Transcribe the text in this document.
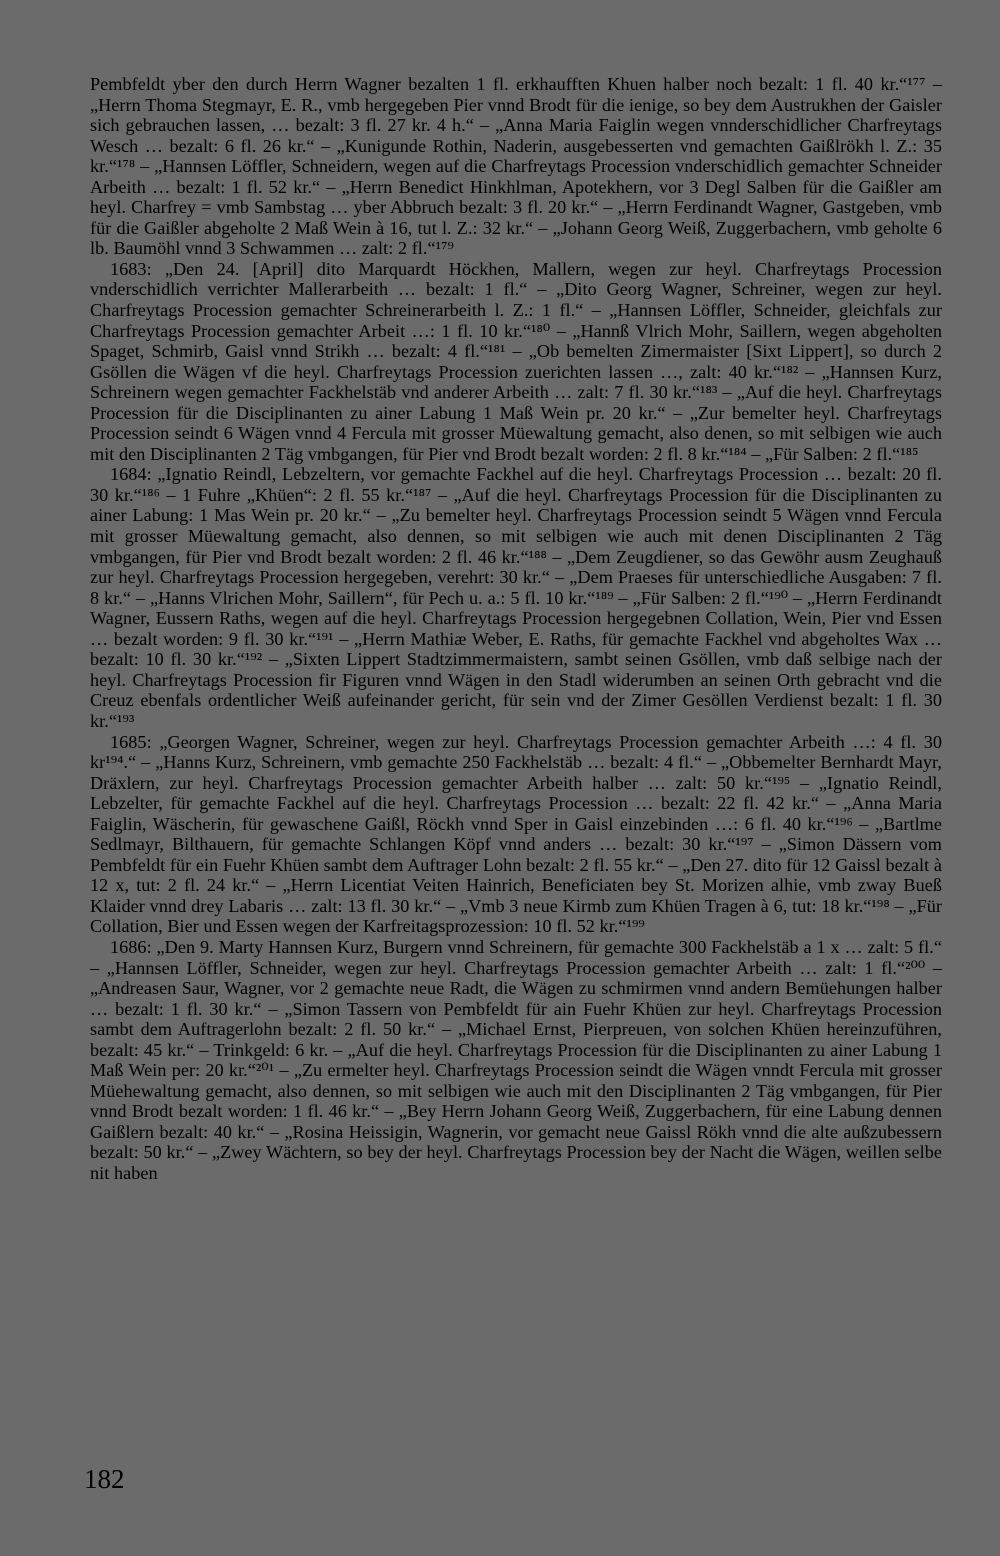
Pembfeldt yber den durch Herrn Wagner bezalten 1 fl. erkhaufften Khuen halber noch bezalt: 1 fl. 40 kr.“¹⁷⁷ – „Herrn Thoma Stegmayr, E. R., vmb hergegeben Pier vnnd Brodt für die ienige, so bey dem Austrukhen der Gaisler sich gebrauchen lassen, … bezalt: 3 fl. 27 kr. 4 h.“ – „Anna Maria Faiglin wegen vnnderschidlicher Charfreytags Wesch … bezalt: 6 fl. 26 kr.“ – „Kunigunde Rothin, Naderin, ausgebesserten vnd gemachten Gaißlrökh l. Z.: 35 kr.“¹⁷⁸ – „Hannsen Löffler, Schneidern, wegen auf die Charfreytags Procession vnderschidlich gemachter Schneider Arbeith … bezalt: 1 fl. 52 kr.“ – „Herrn Benedict Hinkhlman, Apotekhern, vor 3 Degl Salben für die Gaißler am heyl. Charfrey = vmb Sambstag … yber Abbruch bezalt: 3 fl. 20 kr.“ – „Herrn Ferdinandt Wagner, Gastgeben, vmb für die Gaißler abgeholte 2 Maß Wein à 16, tut l. Z.: 32 kr.“ – „Johann Georg Weiß, Zuggerbachern, vmb geholte 6 lb. Baumöhl vnnd 3 Schwammen … zalt: 2 fl.“¹⁷⁹

1683: „Den 24. [April] dito Marquardt Höckhen, Mallern, wegen zur heyl. Charfreytags Procession vnderschidlich verrichter Mallerarbeith … bezalt: 1 fl.“ – „Dito Georg Wagner, Schreiner, wegen zur heyl. Charfreytags Procession gemachter Schreinerarbeith l. Z.: 1 fl.“ – „Hannsen Löffler, Schneider, gleichfals zur Charfreytags Procession gemachter Arbeit …: 1 fl. 10 kr.“¹⁸⁰ – „Hannß Vlrich Mohr, Saillern, wegen abgeholten Spaget, Schmirb, Gaisl vnnd Strikh … bezalt: 4 fl.“¹⁸¹ – „Ob bemelten Zimermaister [Sixt Lippert], so durch 2 Gsöllen die Wägen vf die heyl. Charfreytags Procession zuerichten lassen …, zalt: 40 kr.“¹⁸² – „Hannsen Kurz, Schreinern wegen gemachter Fackhelstäb vnd anderer Arbeith … zalt: 7 fl. 30 kr.“¹⁸³ – „Auf die heyl. Charfreytags Procession für die Disciplinanten zu ainer Labung 1 Maß Wein pr. 20 kr.“ – „Zur bemelter heyl. Charfreytags Procession seindt 6 Wägen vnnd 4 Fercula mit grosser Müewaltung gemacht, also denen, so mit selbigen wie auch mit den Disciplinanten 2 Täg vmbgangen, für Pier vnd Brodt bezalt worden: 2 fl. 8 kr.“¹⁸⁴ – „Für Salben: 2 fl.“¹⁸⁵

1684: „Ignatio Reindl, Lebzeltern, vor gemachte Fackhel auf die heyl. Charfreytags Procession … bezalt: 20 fl. 30 kr.“¹⁸⁶ – 1 Fuhre „Khüen“: 2 fl. 55 kr.“¹⁸⁷ – „Auf die heyl. Charfreytags Procession für die Disciplinanten zu ainer Labung: 1 Mas Wein pr. 20 kr.“ – „Zu bemelter heyl. Charfreytags Procession seindt 5 Wägen vnnd Fercula mit grosser Müewaltung gemacht, also dennen, so mit selbigen wie auch mit denen Disciplinanten 2 Täg vmbgangen, für Pier vnd Brodt bezalt worden: 2 fl. 46 kr.“¹⁸⁸ – „Dem Zeugdiener, so das Gewöhr ausm Zeughauß zur heyl. Charfreytags Procession hergegeben, verehrt: 30 kr.“ – „Dem Praeses für unterschiedliche Ausgaben: 7 fl. 8 kr.“ – „Hanns Vlrichen Mohr, Saillern“, für Pech u. a.: 5 fl. 10 kr.“¹⁸⁹ – „Für Salben: 2 fl.“¹⁹⁰ – „Herrn Ferdinandt Wagner, Eussern Raths, wegen auf die heyl. Charfreytags Procession hergegebnen Collation, Wein, Pier vnd Essen … bezalt worden: 9 fl. 30 kr.“¹⁹¹ – „Herrn Mathiæ Weber, E. Raths, für gemachte Fackhel vnd abgeholtes Wax … bezalt: 10 fl. 30 kr.“¹⁹² – „Sixten Lippert Stadtzimmermaistern, sambt seinen Gsöllen, vmb daß selbige nach der heyl. Charfreytags Procession fir Figuren vnnd Wägen in den Stadl widerumben an seinen Orth gebracht vnd die Creuz ebenfals ordentlicher Weiß aufeinander gericht, für sein vnd der Zimer Gesöllen Verdienst bezalt: 1 fl. 30 kr.“¹⁹³

1685: „Georgen Wagner, Schreiner, wegen zur heyl. Charfreytags Procession gemachter Arbeith …: 4 fl. 30 kr¹⁹⁴.“ – „Hanns Kurz, Schreinern, vmb gemachte 250 Fackhelstäb … bezalt: 4 fl.“ – „Obbemelter Bernhardt Mayr, Dräxlern, zur heyl. Charfreytags Procession gemachter Arbeith halber … zalt: 50 kr.“¹⁹⁵ – „Ignatio Reindl, Lebzelter, für gemachte Fackhel auf die heyl. Charfreytags Procession … bezalt: 22 fl. 42 kr.“ – „Anna Maria Faiglin, Wäscherin, für gewaschene Gaißl, Röckh vnnd Sper in Gaisl einzebinden …: 6 fl. 40 kr.“¹⁹⁶ – „Bartlme Sedlmayr, Bilthauern, für gemachte Schlangen Köpf vnnd anders … bezalt: 30 kr.“¹⁹⁷ – „Simon Dässern vom Pembfeldt für ein Fuehr Khüen sambt dem Auftrager Lohn bezalt: 2 fl. 55 kr.“ – „Den 27. dito für 12 Gaissl bezalt à 12 x, tut: 2 fl. 24 kr.“ – „Herrn Licentiat Veiten Hainrich, Beneficiaten bey St. Morizen alhie, vmb zway Bueß Klaider vnnd drey Labaris … zalt: 13 fl. 30 kr.“ – „Vmb 3 neue Kirmb zum Khüen Tragen à 6, tut: 18 kr.“¹⁹⁸ – „Für Collation, Bier und Essen wegen der Karfreitagsprozession: 10 fl. 52 kr.“¹⁹⁹

1686: „Den 9. Marty Hannsen Kurz, Burgern vnnd Schreinern, für gemachte 300 Fackhelstäb a 1 x … zalt: 5 fl.“ – „Hannsen Löffler, Schneider, wegen zur heyl. Charfreytags Procession gemachter Arbeith … zalt: 1 fl.“²⁰⁰ – „Andreasen Saur, Wagner, vor 2 gemachte neue Radt, die Wägen zu schmirmen vnnd andern Bemüehungen halber … bezalt: 1 fl. 30 kr.“ – „Simon Tassern von Pembfeldt für ain Fuehr Khüen zur heyl. Charfreytags Procession sambt dem Auftragerlohn bezalt: 2 fl. 50 kr.“ – „Michael Ernst, Pierpreuen, von solchen Khüen hereinzuführen, bezalt: 45 kr.“ – Trinkgeld: 6 kr. – „Auf die heyl. Charfreytags Procession für die Disciplinanten zu ainer Labung 1 Maß Wein per: 20 kr.“²⁰¹ – „Zu ermelter heyl. Charfreytags Procession seindt die Wägen vnndt Fercula mit grosser Müehewaltung gemacht, also dennen, so mit selbigen wie auch mit den Disciplinanten 2 Täg vmbgangen, für Pier vnnd Brodt bezalt worden: 1 fl. 46 kr.“ – „Bey Herrn Johann Georg Weiß, Zuggerbachern, für eine Labung dennen Gaißlern bezalt: 40 kr.“ – „Rosina Heissigin, Wagnerin, vor gemacht neue Gaissl Rökh vnnd die alte außzubessern bezalt: 50 kr.“ – „Zwey Wächtern, so bey der heyl. Charfreytags Procession bey der Nacht die Wägen, weillen selbe nit haben

182
